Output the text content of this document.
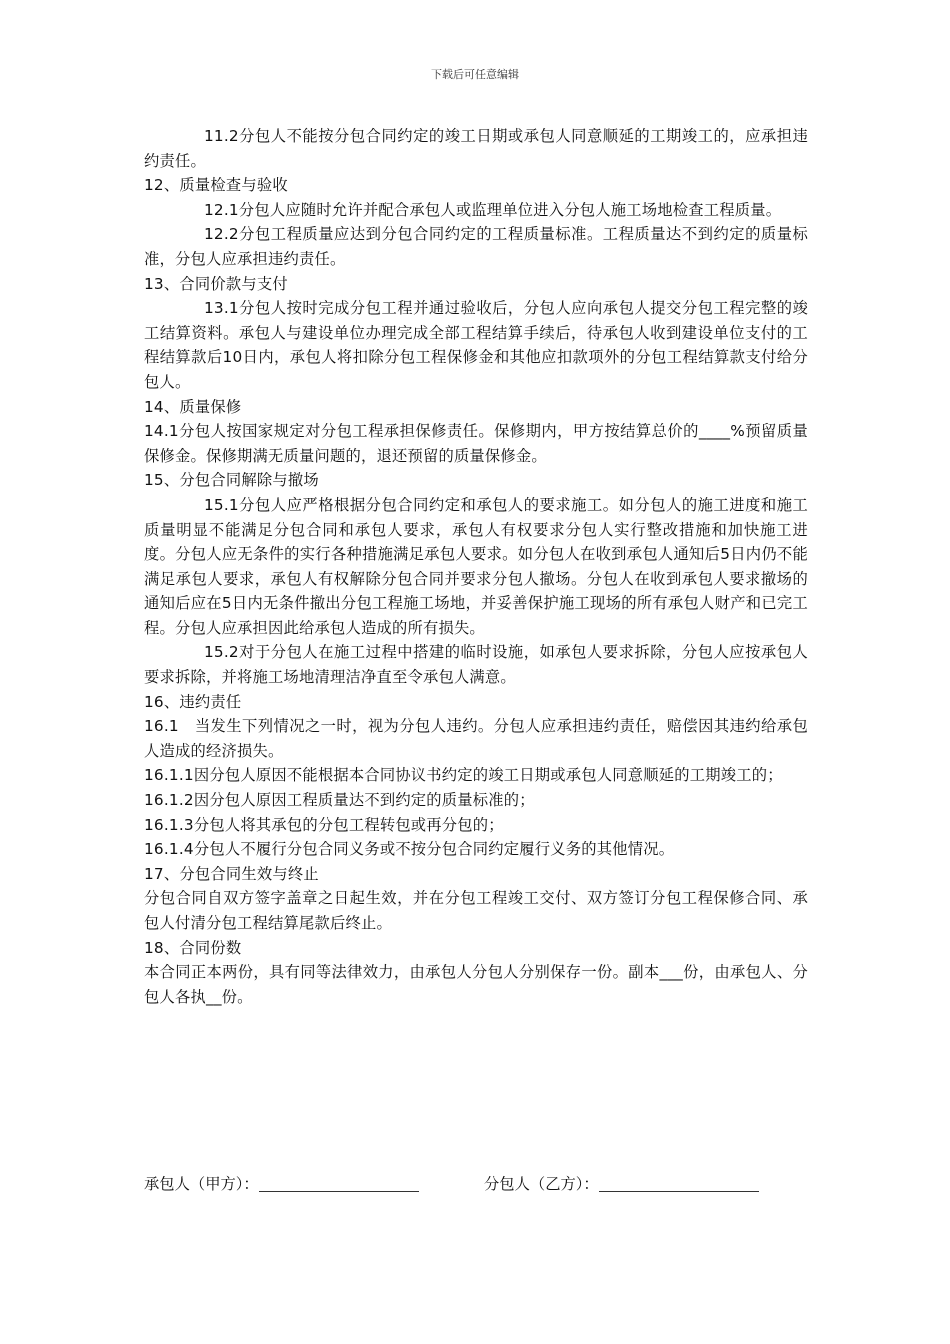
下载后可任意编辑

11.2分包人不能按分包合同约定的竣工日期或承包人同意顺延的工期竣工的，应承担违约责任。

12、质量检查与验收

12.1分包人应随时允许并配合承包人或监理单位进入分包人施工场地检查工程质量。

12.2分包工程质量应达到分包合同约定的工程质量标准。工程质量达不到约定的质量标准，分包人应承担违约责任。

13、合同价款与支付

13.1分包人按时完成分包工程并通过验收后，分包人应向承包人提交分包工程完整的竣工结算资料。承包人与建设单位办理完成全部工程结算手续后，待承包人收到建设单位支付的工程结算款后10日内，承包人将扣除分包工程保修金和其他应扣款项外的分包工程结算款支付给分包人。

14、质量保修

14.1分包人按国家规定对分包工程承担保修责任。保修期内，甲方按结算总价的____%预留质量保修金。保修期满无质量问题的，退还预留的质量保修金。

15、分包合同解除与撤场

15.1分包人应严格根据分包合同约定和承包人的要求施工。如分包人的施工进度和施工质量明显不能满足分包合同和承包人要求，承包人有权要求分包人实行整改措施和加快施工进度。分包人应无条件的实行各种措施满足承包人要求。如分包人在收到承包人通知后5日内仍不能满足承包人要求，承包人有权解除分包合同并要求分包人撤场。分包人在收到承包人要求撤场的通知后应在5日内无条件撤出分包工程施工场地，并妥善保护施工现场的所有承包人财产和已完工程。分包人应承担因此给承包人造成的所有损失。

15.2对于分包人在施工过程中搭建的临时设施，如承包人要求拆除，分包人应按承包人要求拆除，并将施工场地清理洁净直至令承包人满意。

16、违约责任

16.1　当发生下列情况之一时，视为分包人违约。分包人应承担违约责任，赔偿因其违约给承包人造成的经济损失。

16.1.1因分包人原因不能根据本合同协议书约定的竣工日期或承包人同意顺延的工期竣工的；

16.1.2因分包人原因工程质量达不到约定的质量标准的；

16.1.3分包人将其承包的分包工程转包或再分包的；

16.1.4分包人不履行分包合同义务或不按分包合同约定履行义务的其他情况。

17、分包合同生效与终止

分包合同自双方签字盖章之日起生效，并在分包工程竣工交付、双方签订分包工程保修合同、承包人付清分包工程结算尾款后终止。

18、合同份数

本合同正本两份，具有同等法律效力，由承包人分包人分别保存一份。副本___份，由承包人、分包人各执__份。

承包人（甲方）：	分包人（乙方）：
